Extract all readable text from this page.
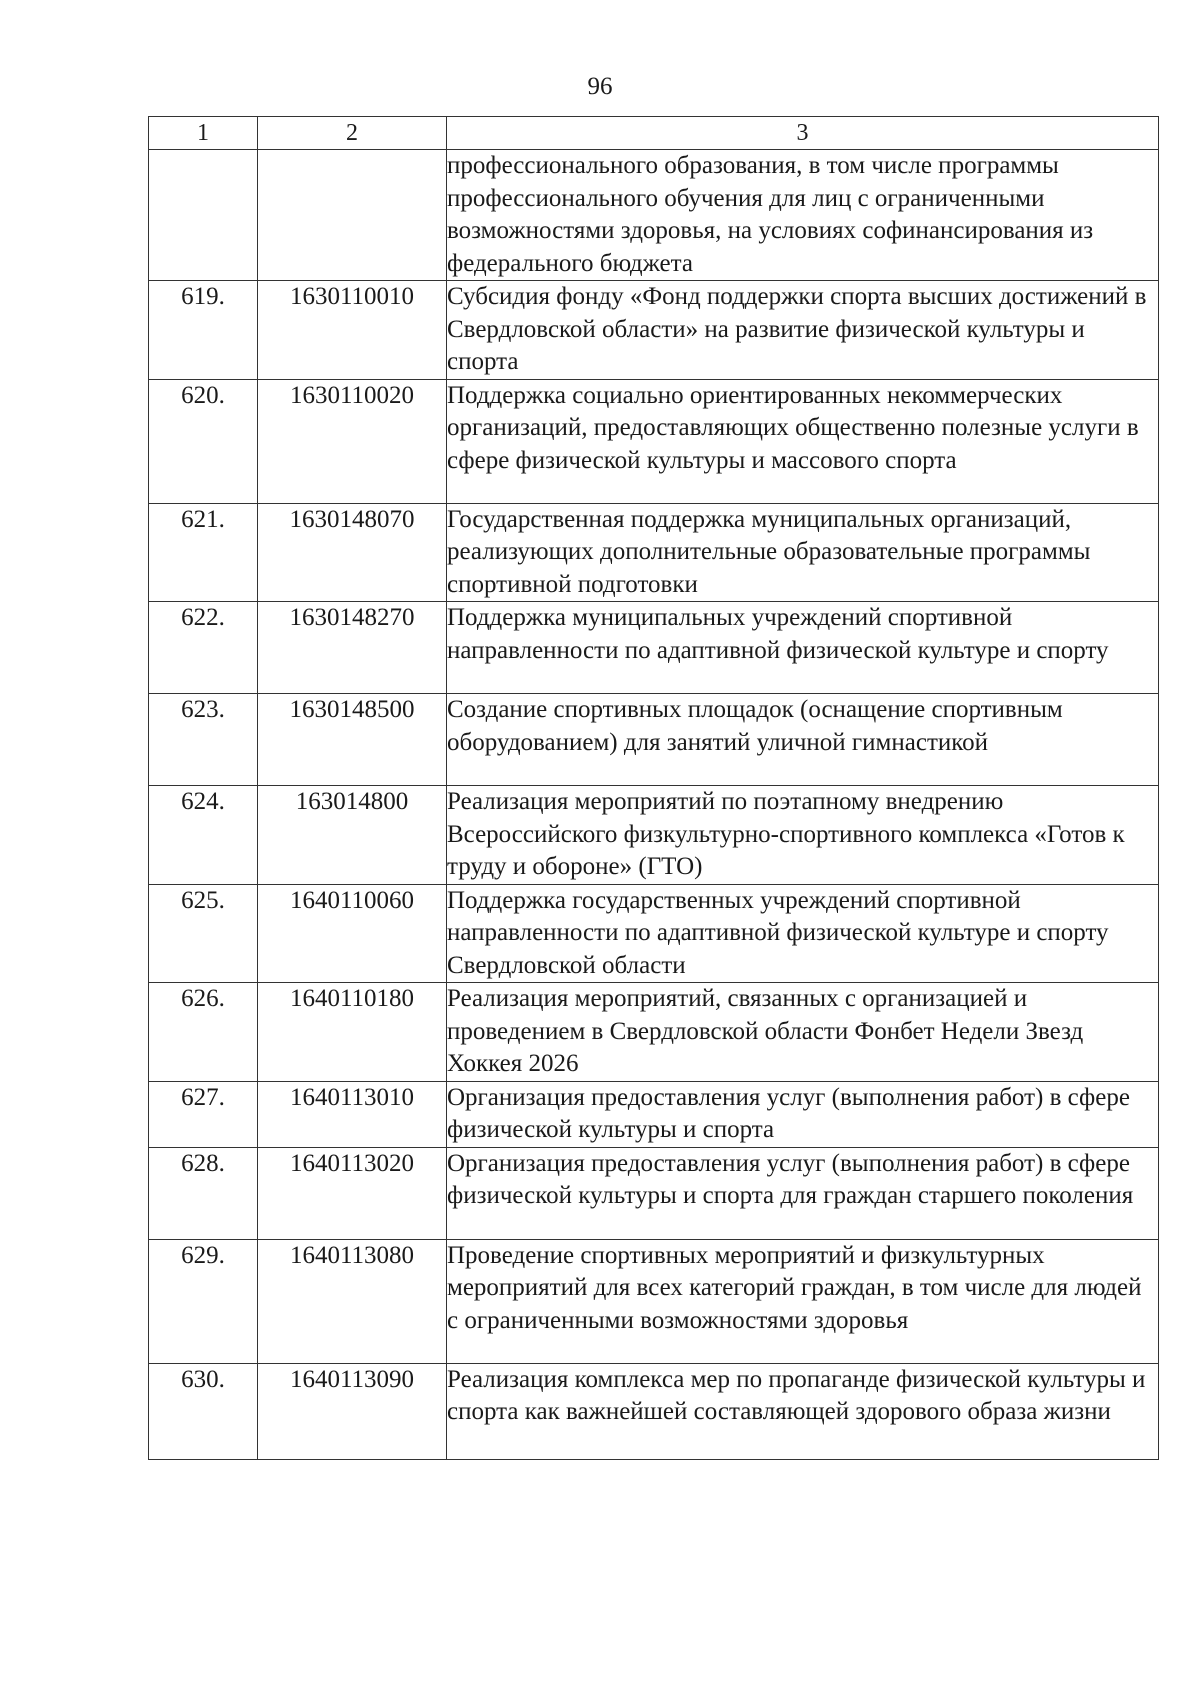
96
1	2	3
		профессионального образования, в том числе программы профессионального обучения для лиц с ограниченными возможностями здоровья, на условиях софинансирования из федерального бюджета
619.	1630110010	Субсидия фонду «Фонд поддержки спорта высших достижений в Свердловской области» на развитие физической культуры и спорта
620.	1630110020	Поддержка социально ориентированных некоммерческих организаций, предоставляющих общественно полезные услуги в сфере физической культуры и массового спорта
621.	1630148070	Государственная поддержка муниципальных организаций, реализующих дополнительные образовательные программы спортивной подготовки
622.	1630148270	Поддержка муниципальных учреждений спортивной направленности по адаптивной физической культуре и спорту
623.	1630148500	Создание спортивных площадок (оснащение спортивным оборудованием) для занятий уличной гимнастикой
624.	163014800	Реализация мероприятий по поэтапному внедрению Всероссийского физкультурно-спортивного комплекса «Готов к труду и обороне» (ГТО)
625.	1640110060	Поддержка государственных учреждений спортивной направленности по адаптивной физической культуре и спорту Свердловской области
626.	1640110180	Реализация мероприятий, связанных с организацией и проведением в Свердловской области Фонбет Недели Звезд Хоккея 2026
627.	1640113010	Организация предоставления услуг (выполнения работ) в сфере физической культуры и спорта
628.	1640113020	Организация предоставления услуг (выполнения работ) в сфере физической культуры и спорта для граждан старшего поколения
629.	1640113080	Проведение спортивных мероприятий и физкультурных мероприятий для всех категорий граждан, в том числе для людей с ограниченными возможностями здоровья
630.	1640113090	Реализация комплекса мер по пропаганде физической культуры и спорта как важнейшей составляющей здорового образа жизни
